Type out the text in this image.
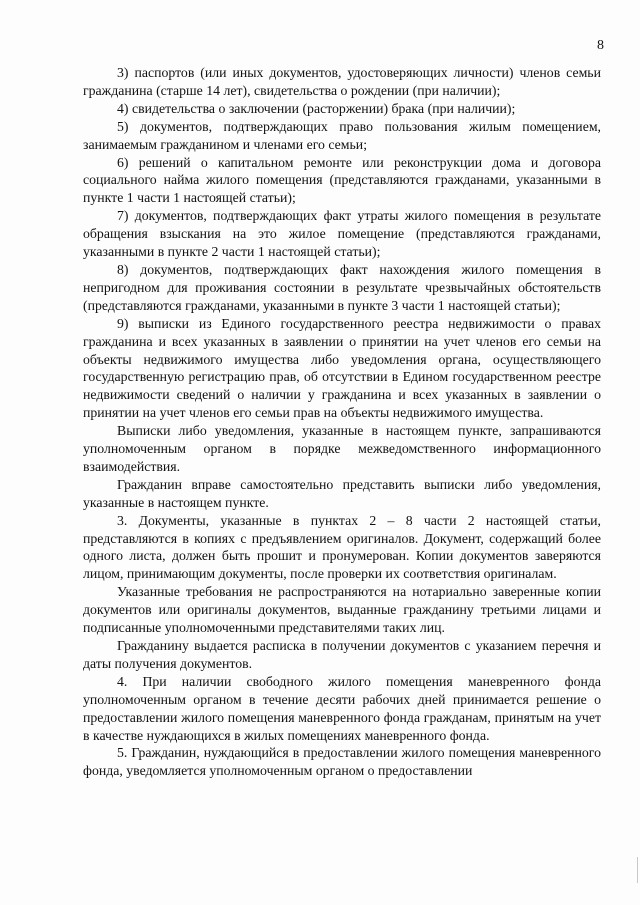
8

3) паспортов (или иных документов, удостоверяющих личности) членов семьи гражданина (старше 14 лет), свидетельства о рождении (при наличии);

4) свидетельства о заключении (расторжении) брака (при наличии);

5) документов, подтверждающих право пользования жилым помещением, занимаемым гражданином и членами его семьи;

6) решений о капитальном ремонте или реконструкции дома и договора социального найма жилого помещения (представляются гражданами, указанными в пункте 1 части 1 настоящей статьи);

7) документов, подтверждающих факт утраты жилого помещения в результате обращения взыскания на это жилое помещение (представляются гражданами, указанными в пункте 2 части 1 настоящей статьи);

8) документов, подтверждающих факт нахождения жилого помещения в непригодном для проживания состоянии в результате чрезвычайных обстоятельств (представляются гражданами, указанными в пункте 3 части 1 настоящей статьи);

9) выписки из Единого государственного реестра недвижимости о правах гражданина и всех указанных в заявлении о принятии на учет членов его семьи на объекты недвижимого имущества либо уведомления органа, осуществляющего государственную регистрацию прав, об отсутствии в Едином государственном реестре недвижимости сведений о наличии у гражданина и всех указанных в заявлении о принятии на учет членов его семьи прав на объекты недвижимого имущества.

Выписки либо уведомления, указанные в настоящем пункте, запрашиваются уполномоченным органом в порядке межведомственного информационного взаимодействия.

Гражданин вправе самостоятельно представить выписки либо уведомления, указанные в настоящем пункте.

3. Документы, указанные в пунктах 2 – 8 части 2 настоящей статьи, представляются в копиях с предъявлением оригиналов. Документ, содержащий более одного листа, должен быть прошит и пронумерован. Копии документов заверяются лицом, принимающим документы, после проверки их соответствия оригиналам.

Указанные требования не распространяются на нотариально заверенные копии документов или оригиналы документов, выданные гражданину третьими лицами и подписанные уполномоченными представителями таких лиц.

Гражданину выдается расписка в получении документов с указанием перечня и даты получения документов.

4. При наличии свободного жилого помещения маневренного фонда уполномоченным органом в течение десяти рабочих дней принимается решение о предоставлении жилого помещения маневренного фонда гражданам, принятым на учет в качестве нуждающихся в жилых помещениях маневренного фонда.

5. Гражданин, нуждающийся в предоставлении жилого помещения маневренного фонда, уведомляется уполномоченным органом о предоставлении
